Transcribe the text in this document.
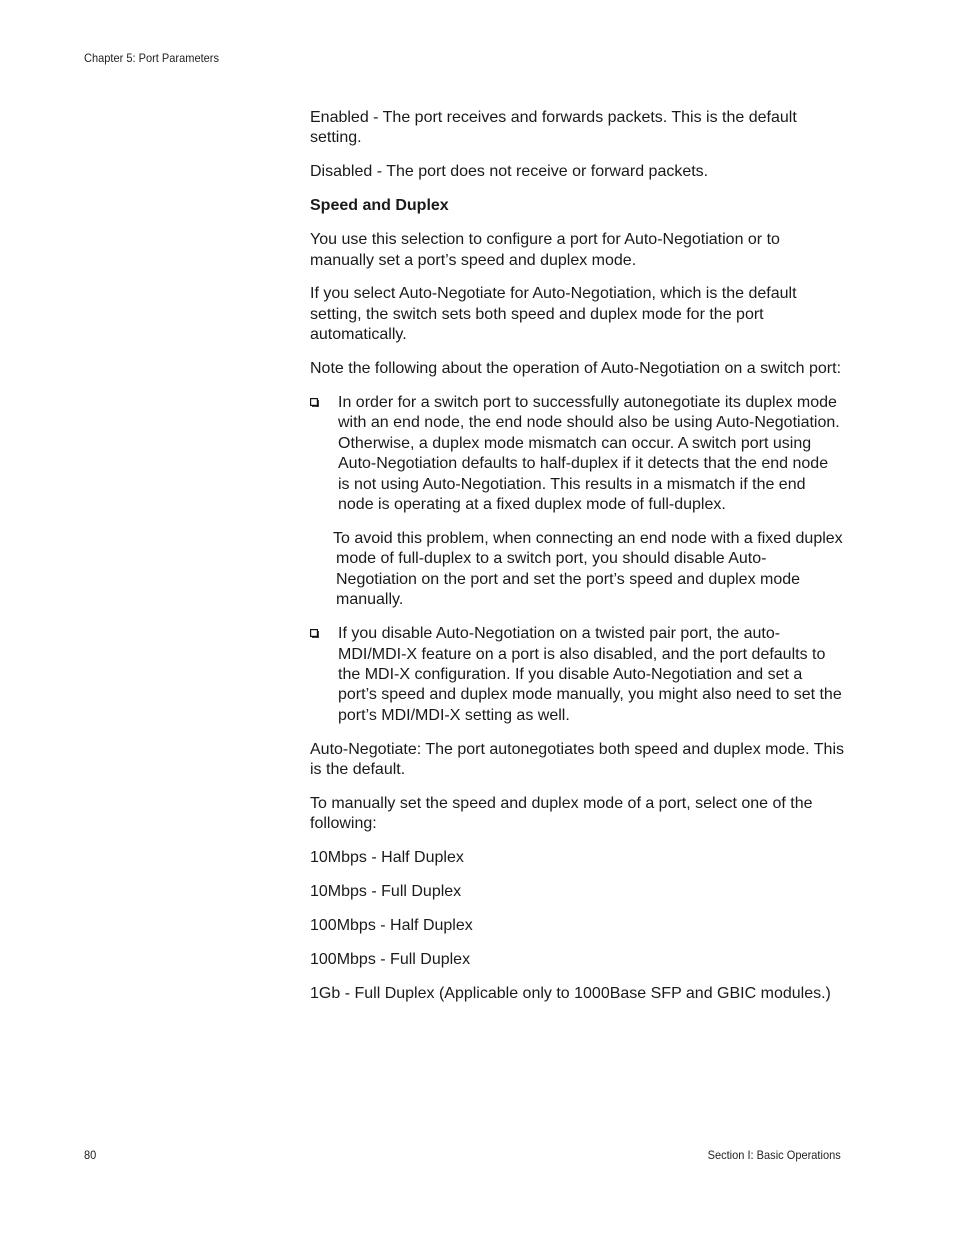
Chapter 5: Port Parameters

Enabled - The port receives and forwards packets. This is the default setting.

Disabled - The port does not receive or forward packets.

Speed and Duplex

You use this selection to configure a port for Auto-Negotiation or to manually set a port’s speed and duplex mode.

If you select Auto-Negotiate for Auto-Negotiation, which is the default setting, the switch sets both speed and duplex mode for the port automatically.

Note the following about the operation of Auto-Negotiation on a switch port:

In order for a switch port to successfully autonegotiate its duplex mode with an end node, the end node should also be using Auto-Negotiation. Otherwise, a duplex mode mismatch can occur. A switch port using Auto-Negotiation defaults to half-duplex if it detects that the end node is not using Auto-Negotiation. This results in a mismatch if the end node is operating at a fixed duplex mode of full-duplex.

To avoid this problem, when connecting an end node with a fixed duplex mode of full-duplex to a switch port, you should disable Auto-Negotiation on the port and set the port’s speed and duplex mode manually.

If you disable Auto-Negotiation on a twisted pair port, the auto-MDI/MDI-X feature on a port is also disabled, and the port defaults to the MDI-X configuration. If you disable Auto-Negotiation and set a port’s speed and duplex mode manually, you might also need to set the port’s MDI/MDI-X setting as well.

Auto-Negotiate: The port autonegotiates both speed and duplex mode. This is the default.

To manually set the speed and duplex mode of a port, select one of the following:

10Mbps - Half Duplex

10Mbps - Full Duplex

100Mbps - Half Duplex

100Mbps - Full Duplex

1Gb - Full Duplex (Applicable only to 1000Base SFP and GBIC modules.)

80	Section I: Basic Operations
